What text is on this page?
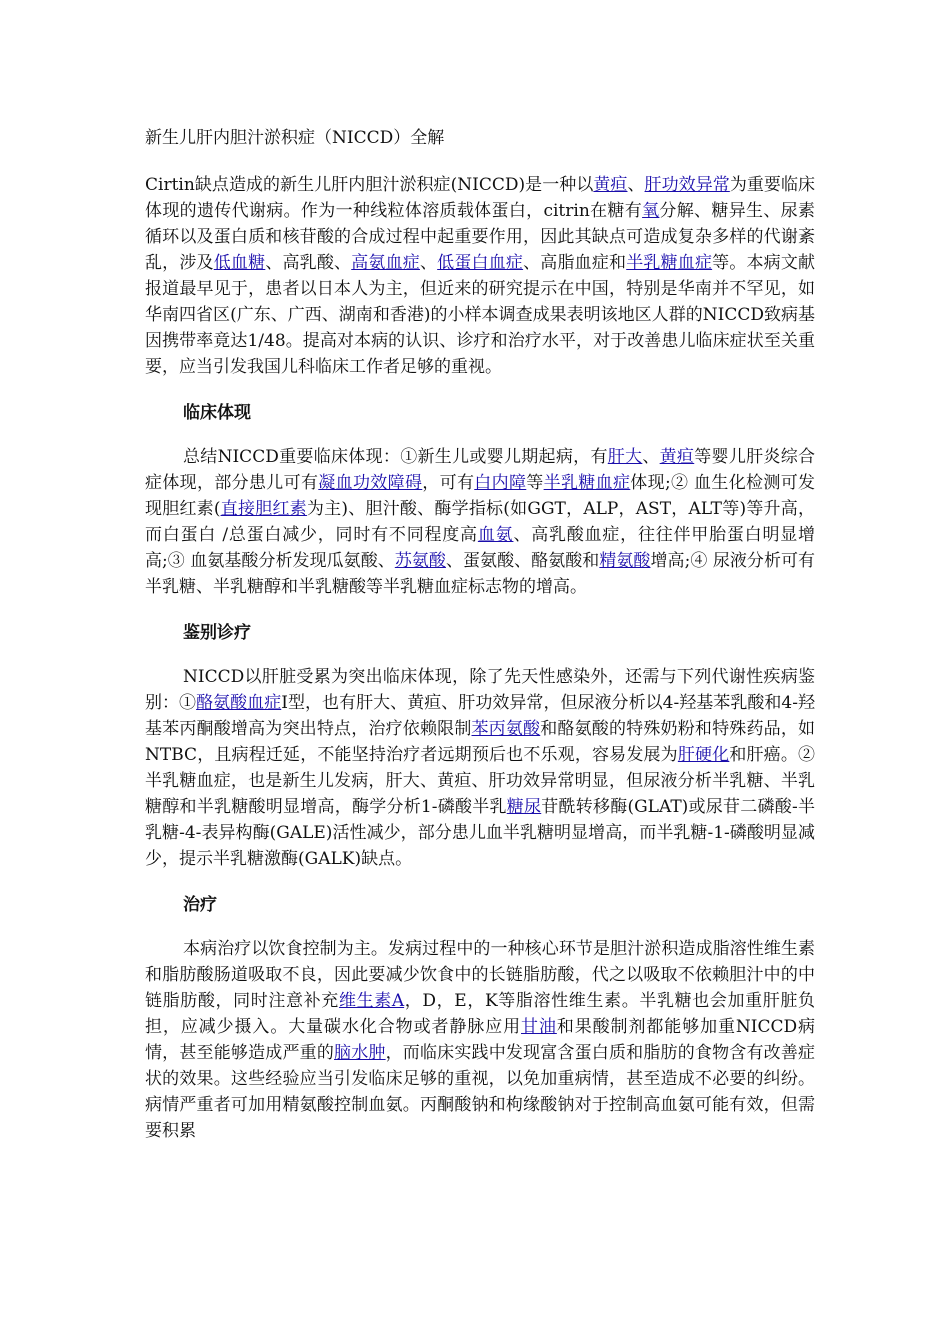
新生儿肝内胆汁淤积症（NICCD）全解

Cirtin缺点造成的新生儿肝内胆汁淤积症(NICCD)是一种以黄疸、肝功效异常为重要临床体现的遗传代谢病。作为一种线粒体溶质载体蛋白，citrin在糖有氧分解、糖异生、尿素循环以及蛋白质和核苷酸的合成过程中起重要作用，因此其缺点可造成复杂多样的代谢紊乱，涉及低血糖、高乳酸、高氨血症、低蛋白血症、高脂血症和半乳糖血症等。本病文献报道最早见于，患者以日本人为主，但近来的研究提示在中国，特别是华南并不罕见，如华南四省区(广东、广西、湖南和香港)的小样本调查成果表明该地区人群的NICCD致病基因携带率竟达1/48。提高对本病的认识、诊疗和治疗水平，对于改善患儿临床症状至关重要，应当引发我国儿科临床工作者足够的重视。

临床体现

总结NICCD重要临床体现：①新生儿或婴儿期起病，有肝大、黄疸等婴儿肝炎综合症体现，部分患儿可有凝血功效障碍，可有白内障等半乳糖血症体现;② 血生化检测可发现胆红素(直接胆红素为主)、胆汁酸、酶学指标(如GGT，ALP，AST，ALT等)等升高，而白蛋白 /总蛋白减少，同时有不同程度高血氨、高乳酸血症，往往伴甲胎蛋白明显增高;③ 血氨基酸分析发现瓜氨酸、苏氨酸、蛋氨酸、酪氨酸和精氨酸增高;④ 尿液分析可有半乳糖、半乳糖醇和半乳糖酸等半乳糖血症标志物的增高。

鉴别诊疗

NICCD以肝脏受累为突出临床体现，除了先天性感染外，还需与下列代谢性疾病鉴别：①酪氨酸血症Ⅰ型，也有肝大、黄疸、肝功效异常，但尿液分析以4-羟基苯乳酸和4-羟基苯丙酮酸增高为突出特点，治疗依赖限制苯丙氨酸和酪氨酸的特殊奶粉和特殊药品，如NTBC，且病程迁延，不能坚持治疗者远期预后也不乐观，容易发展为肝硬化和肝癌。②半乳糖血症，也是新生儿发病，肝大、黄疸、肝功效异常明显，但尿液分析半乳糖、半乳糖醇和半乳糖酸明显增高，酶学分析1-磷酸半乳糖尿苷酰转移酶(GLAT)或尿苷二磷酸-半乳糖-4-表异构酶(GALE)活性减少，部分患儿血半乳糖明显增高，而半乳糖-1-磷酸明显减少，提示半乳糖激酶(GALK)缺点。

治疗

本病治疗以饮食控制为主。发病过程中的一种核心环节是胆汁淤积造成脂溶性维生素和脂肪酸肠道吸取不良，因此要减少饮食中的长链脂肪酸，代之以吸取不依赖胆汁中的中链脂肪酸，同时注意补充维生素A，D，E，K等脂溶性维生素。半乳糖也会加重肝脏负担，应减少摄入。大量碳水化合物或者静脉应用甘油和果酸制剂都能够加重NICCD病情，甚至能够造成严重的脑水肿，而临床实践中发现富含蛋白质和脂肪的食物含有改善症状的效果。这些经验应当引发临床足够的重视，以免加重病情，甚至造成不必要的纠纷。病情严重者可加用精氨酸控制血氨。丙酮酸钠和枸缘酸钠对于控制高血氨可能有效，但需要积累
